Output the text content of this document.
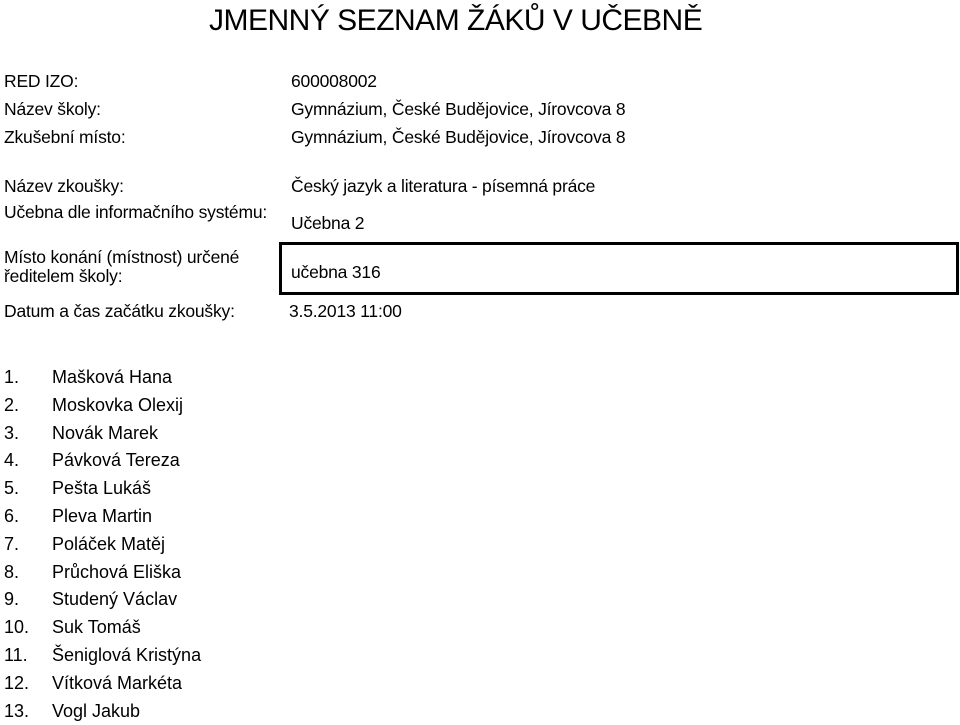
JMENNÝ SEZNAM ŽÁKŮ V UČEBNĚ
RED IZO:	600008002
Název školy:	Gymnázium, České Budějovice, Jírovcova 8
Zkušební místo:	Gymnázium, České Budějovice, Jírovcova 8
Název zkoušky:	Český jazyk a literatura - písemná práce
Učebna dle informačního systému:
Učebna 2
Místo konání (místnost) určené ředitelem školy:	učebna 316
Datum a čas začátku zkoušky:	3.5.2013 11:00
1.	Mašková Hana
2.	Moskovka Olexij
3.	Novák Marek
4.	Pávková Tereza
5.	Pešta Lukáš
6.	Pleva Martin
7.	Poláček Matěj
8.	Průchová Eliška
9.	Studený Václav
10.	Suk Tomáš
11.	Šeniglová Kristýna
12.	Vítková Markéta
13.	Vogl Jakub
